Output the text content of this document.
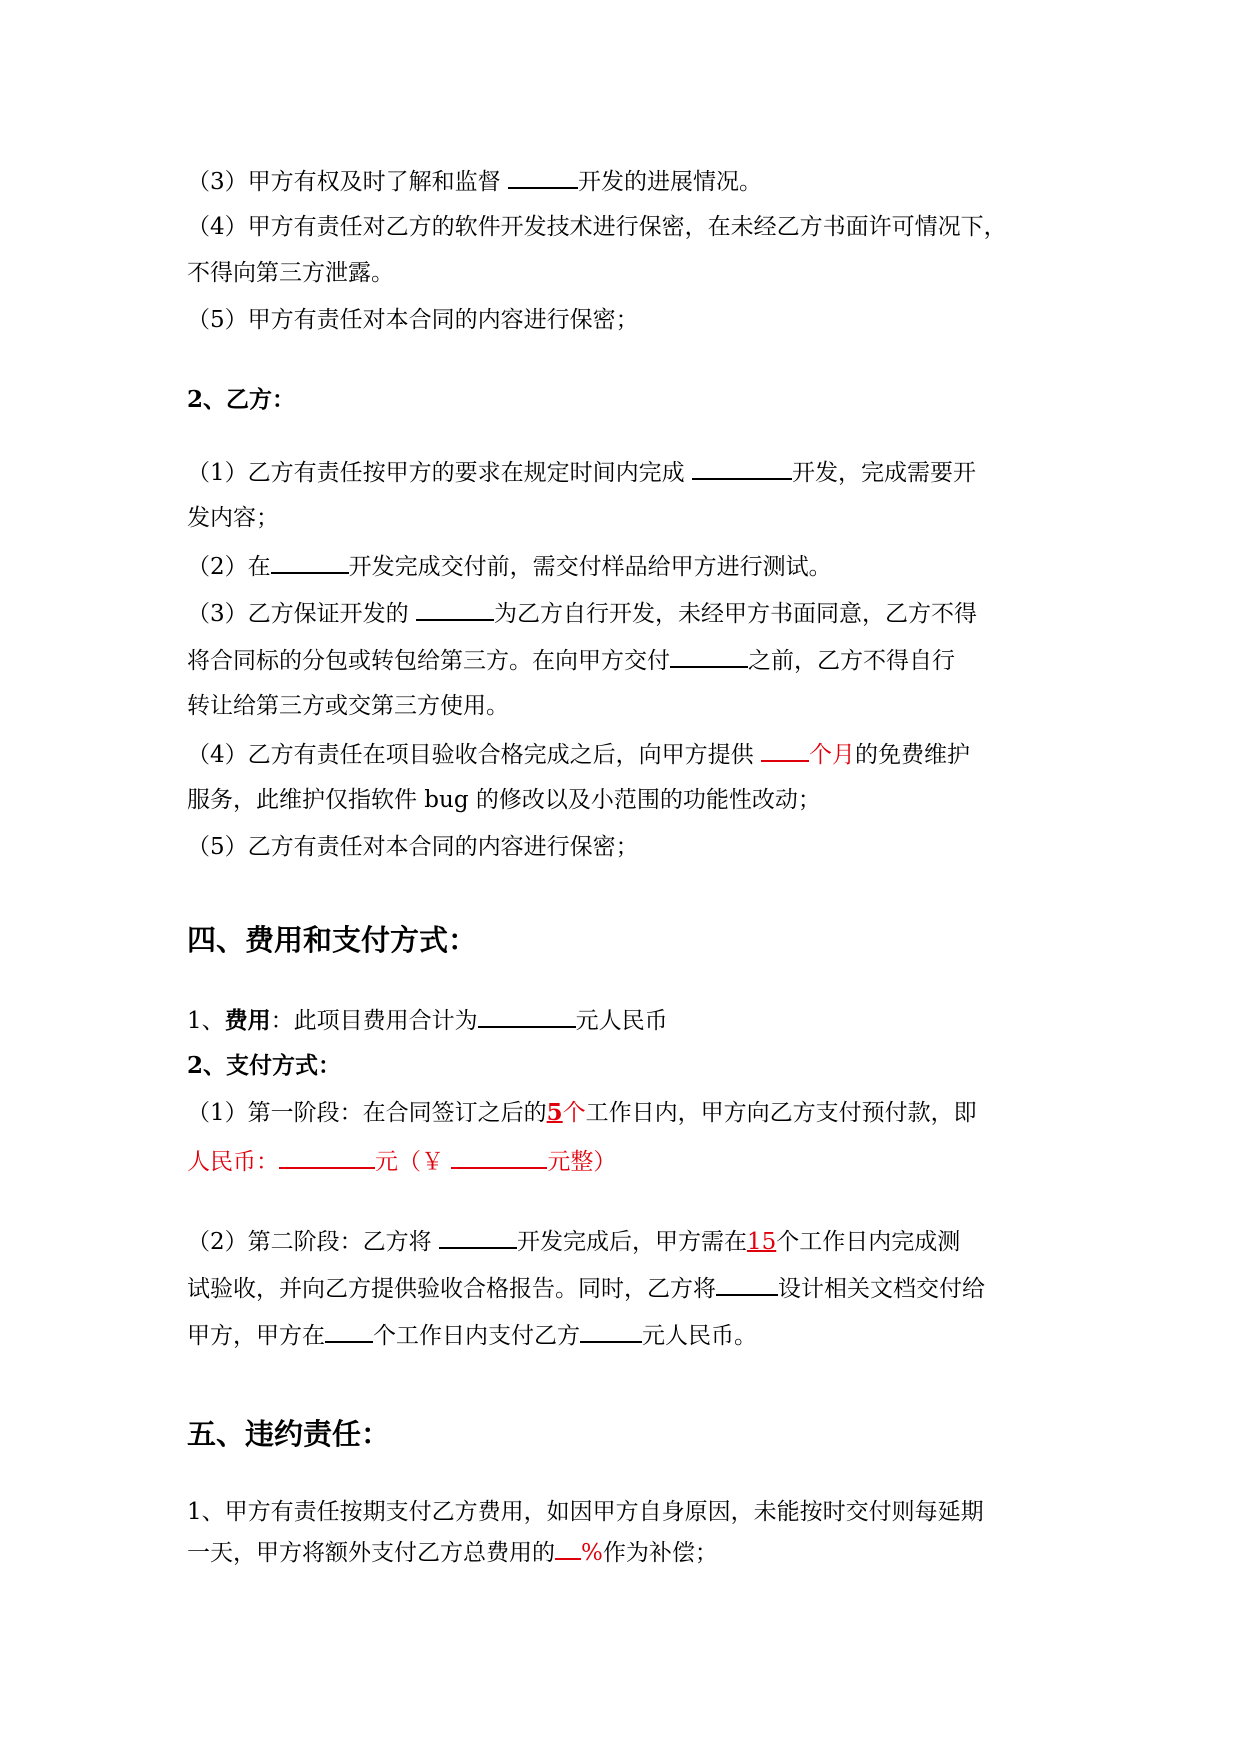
（3）甲方有权及时了解和监督	开发的进展情况。
（4）甲方有责任对乙方的软件开发技术进行保密，在未经乙方书面许可情况下，
不得向第三方泄露。
（5）甲方有责任对本合同的内容进行保密；
2、乙方：
（1）乙方有责任按甲方的要求在规定时间内完成	开发，完成需要开
发内容；
（2）在	开发完成交付前，需交付样品给甲方进行测试。
（3）乙方保证开发的	为乙方自行开发，未经甲方书面同意，乙方不得
将合同标的分包或转包给第三方。在向甲方交付	之前，乙方不得自行
转让给第三方或交第三方使用。
（4）乙方有责任在项目验收合格完成之后，向甲方提供 个月的免费维护
服务，此维护仅指软件 bug 的修改以及小范围的功能性改动；
（5）乙方有责任对本合同的内容进行保密；
四、费用和支付方式：
1、费用：此项目费用合计为	元人民币
2、支付方式：
（1）第一阶段：在合同签订之后的5个工作日内，甲方向乙方支付预付款，即
人民币：	元（￥	元整）
（2）第二阶段：乙方将	开发完成后，甲方需在15个工作日内完成测
试验收，并向乙方提供验收合格报告。同时，乙方将	设计相关文档交付给
甲方，甲方在 个工作日内支付乙方	元人民币。
五、违约责任：
1、甲方有责任按期支付乙方费用，如因甲方自身原因，未能按时交付则每延期
一天，甲方将额外支付乙方总费用的 %作为补偿；
